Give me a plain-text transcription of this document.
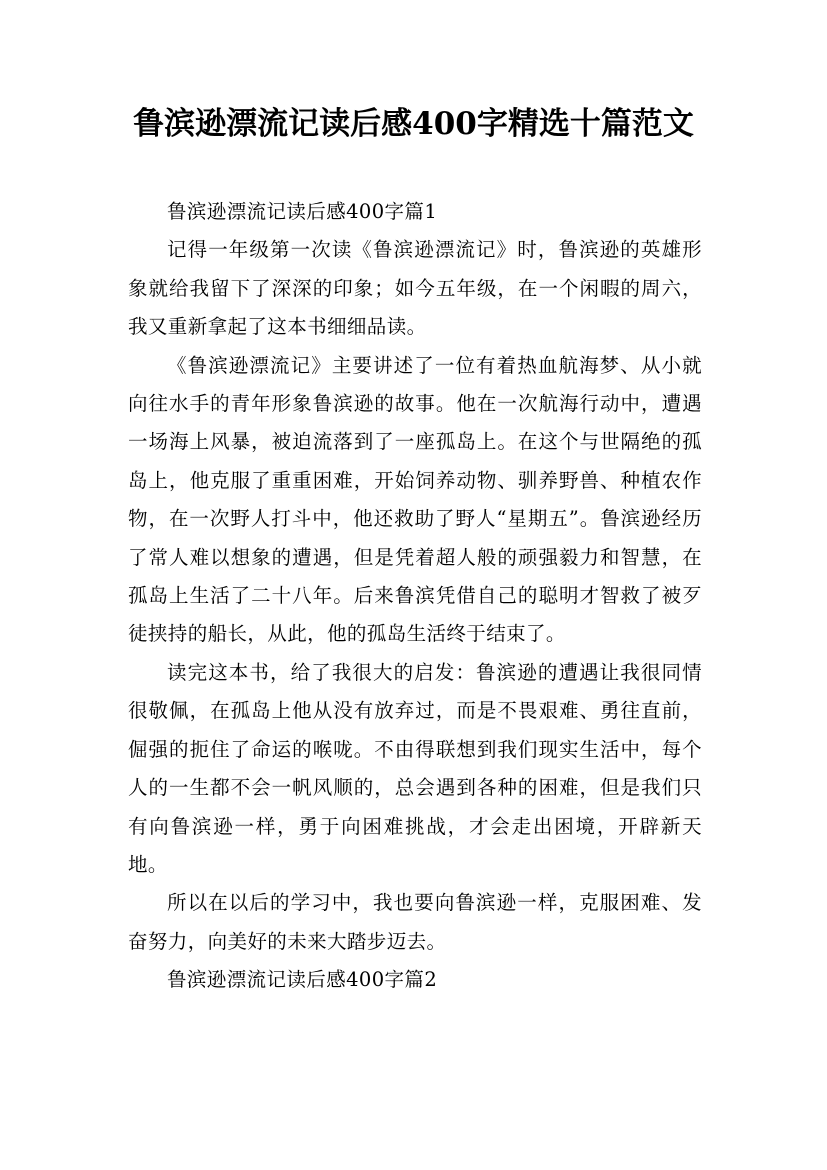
鲁滨逊漂流记读后感400字精选十篇范文

鲁滨逊漂流记读后感400字篇1

记得一年级第一次读《鲁滨逊漂流记》时，鲁滨逊的英雄形象就给我留下了深深的印象；如今五年级，在一个闲暇的周六，我又重新拿起了这本书细细品读。

《鲁滨逊漂流记》主要讲述了一位有着热血航海梦、从小就向往水手的青年形象鲁滨逊的故事。他在一次航海行动中，遭遇一场海上风暴，被迫流落到了一座孤岛上。在这个与世隔绝的孤岛上，他克服了重重困难，开始饲养动物、驯养野兽、种植农作物，在一次野人打斗中，他还救助了野人“星期五”。鲁滨逊经历了常人难以想象的遭遇，但是凭着超人般的顽强毅力和智慧，在孤岛上生活了二十八年。后来鲁滨凭借自己的聪明才智救了被歹徒挟持的船长，从此，他的孤岛生活终于结束了。

读完这本书，给了我很大的启发：鲁滨逊的遭遇让我很同情很敬佩，在孤岛上他从没有放弃过，而是不畏艰难、勇往直前，倔强的扼住了命运的喉咙。不由得联想到我们现实生活中，每个人的一生都不会一帆风顺的，总会遇到各种的困难，但是我们只有向鲁滨逊一样，勇于向困难挑战，才会走出困境，开辟新天地。

所以在以后的学习中，我也要向鲁滨逊一样，克服困难、发奋努力，向美好的未来大踏步迈去。

鲁滨逊漂流记读后感400字篇2
